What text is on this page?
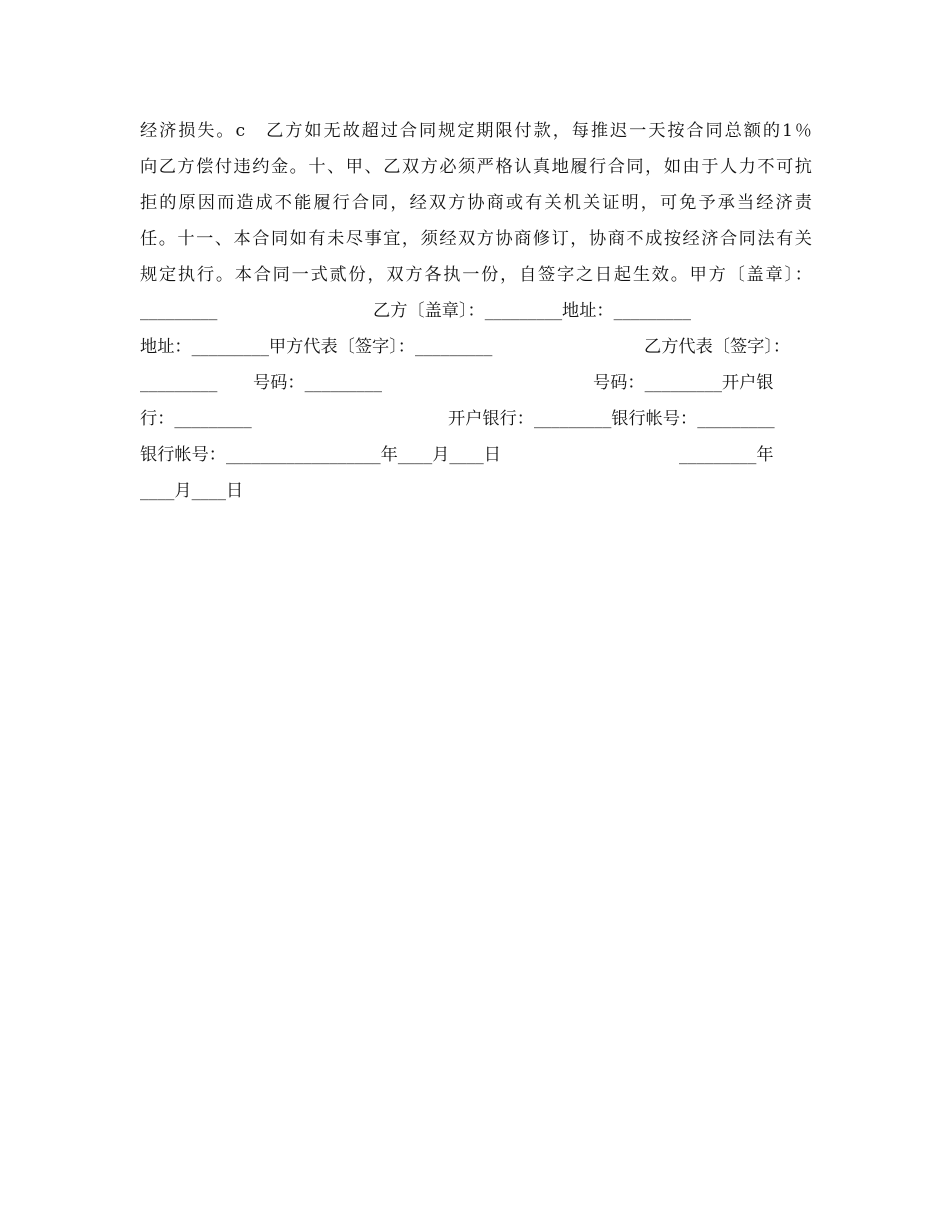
经济损失。c　乙方如无故超过合同规定期限付款，每推迟一天按合同总额的1％
向乙方偿付违约金。十、甲、乙双方必须严格认真地履行合同，如由于人力不可抗
拒的原因而造成不能履行合同，经双方协商或有关机关证明，可免予承当经济责
任。十一、本合同如有未尽事宜，须经双方协商修订，协商不成按经济合同法有关
规定执行。本合同一式贰份，双方各执一份，自签字之日起生效。甲方〔盖章〕：
_________	乙方〔盖章〕：_________地址：_________
地址：_________甲方代表〔签字〕：_________	乙方代表〔签字〕：
_________ 号码：_________	号码：_________开户银
行：_________	开户银行：_________银行帐号：_________
银行帐号：__________________年____月____日	_________年
____月____日
